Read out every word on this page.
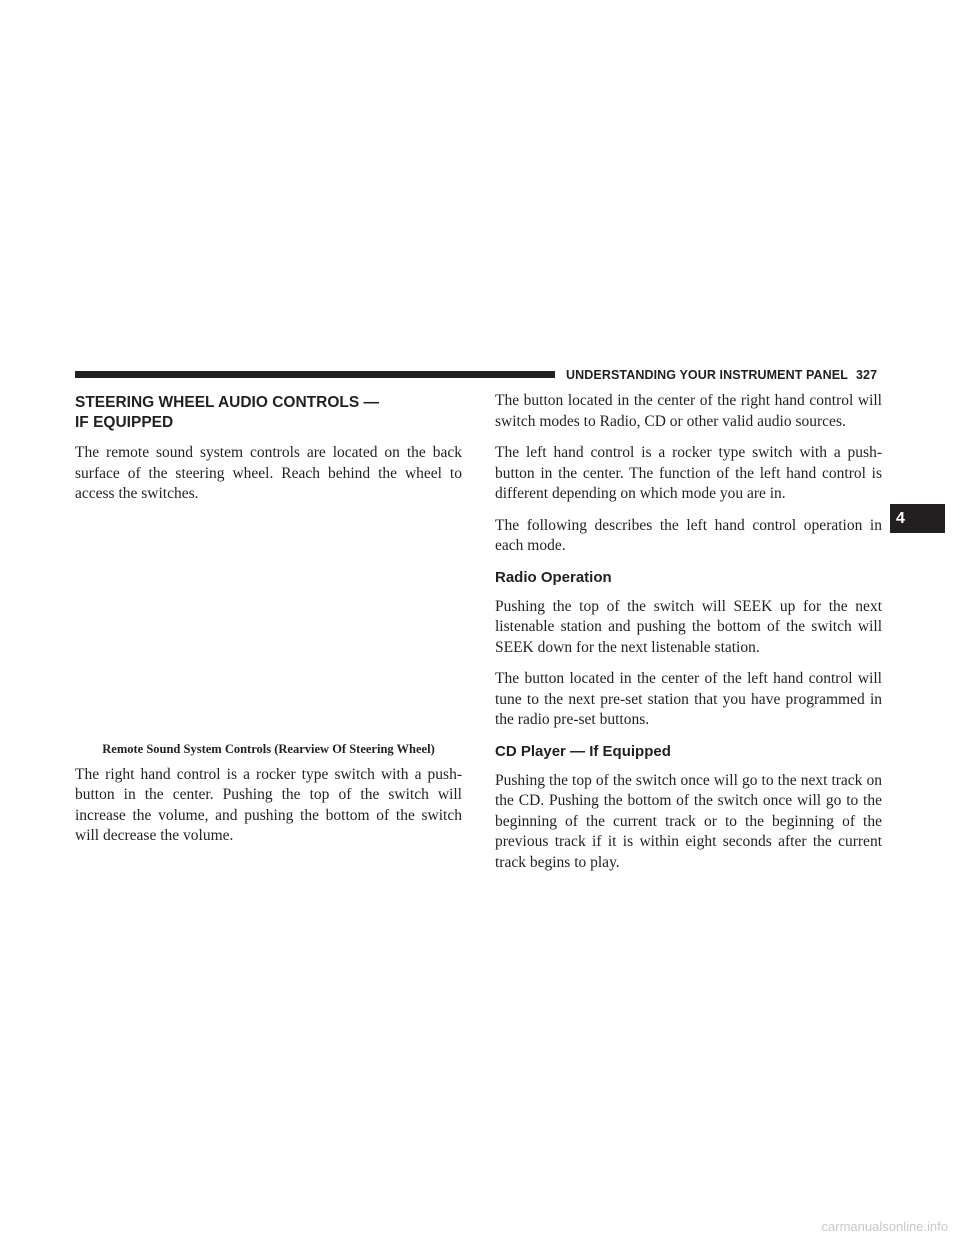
UNDERSTANDING YOUR INSTRUMENT PANEL 327
4
STEERING WHEEL AUDIO CONTROLS —
IF EQUIPPED

The remote sound system controls are located on the back surface of the steering wheel. Reach behind the wheel to access the switches.

Remote Sound System Controls (Rearview Of Steering Wheel)

The right hand control is a rocker type switch with a push-button in the center. Pushing the top of the switch will increase the volume, and pushing the bottom of the switch will decrease the volume.

The button located in the center of the right hand control will switch modes to Radio, CD or other valid audio sources.

The left hand control is a rocker type switch with a push-button in the center. The function of the left hand control is different depending on which mode you are in.

The following describes the left hand control operation in each mode.

Radio Operation

Pushing the top of the switch will SEEK up for the next listenable station and pushing the bottom of the switch will SEEK down for the next listenable station.

The button located in the center of the left hand control will tune to the next pre-set station that you have programmed in the radio pre-set buttons.

CD Player — If Equipped

Pushing the top of the switch once will go to the next track on the CD. Pushing the bottom of the switch once will go to the beginning of the current track or to the beginning of the previous track if it is within eight seconds after the current track begins to play.

carmanualsonline.info
